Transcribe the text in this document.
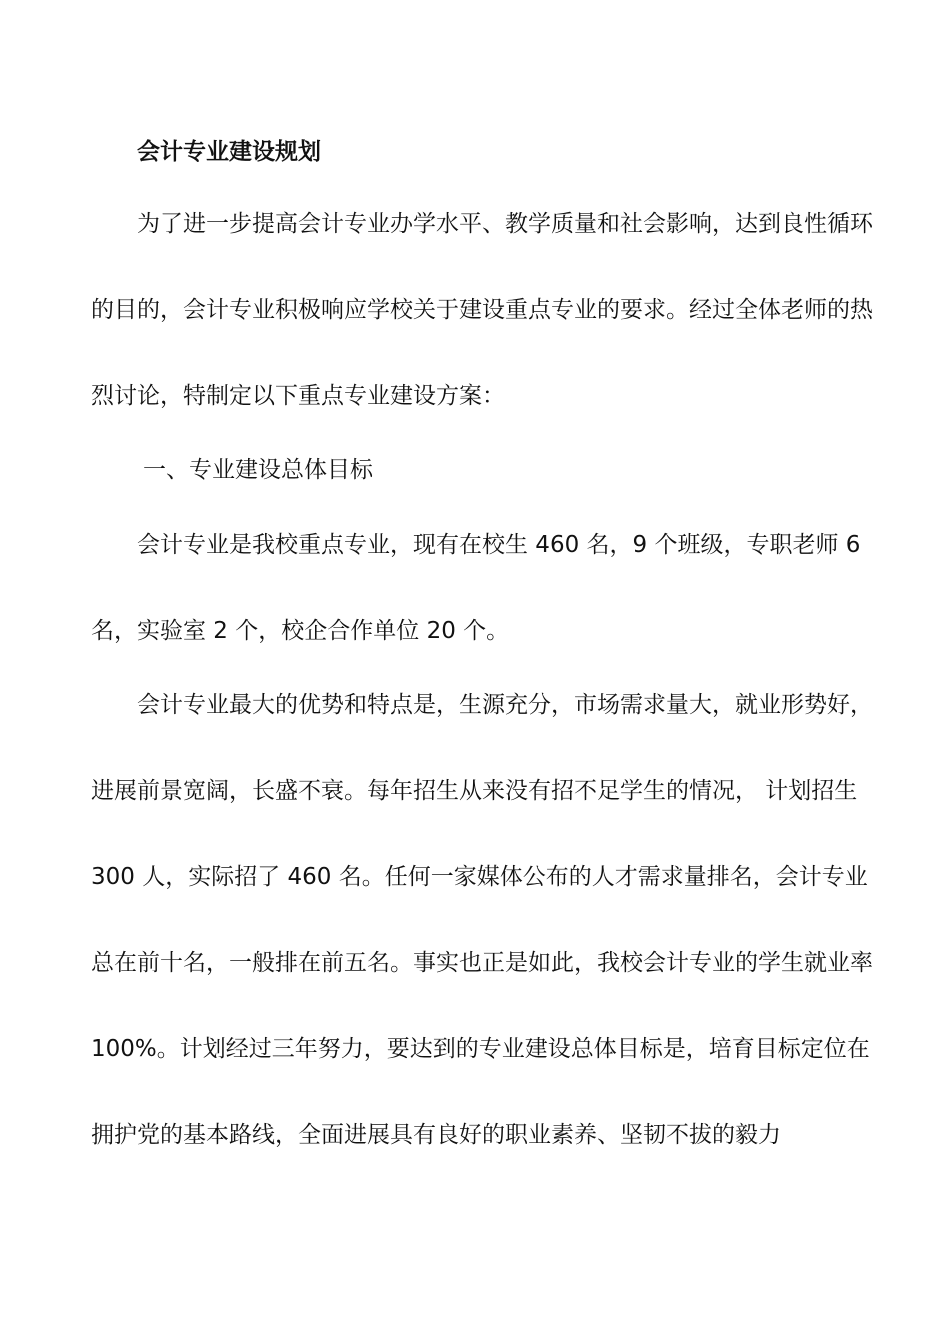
会计专业建设规划

为了进一步提高会计专业办学水平、教学质量和社会影响，达到良性循环的目的，会计专业积极响应学校关于建设重点专业的要求。经过全体老师的热烈讨论，特制定以下重点专业建设方案：

一、专业建设总体目标

会计专业是我校重点专业，现有在校生 460 名，9 个班级，专职老师 6 名，实验室 2 个，校企合作单位 20 个。

会计专业最大的优势和特点是，生源充分，市场需求量大，就业形势好，进展前景宽阔，长盛不衰。每年招生从来没有招不足学生的情况， 计划招生 300 人，实际招了 460 名。任何一家媒体公布的人才需求量排名，会计专业总在前十名，一般排在前五名。事实也正是如此，我校会计专业的学生就业率 100%。计划经过三年努力，要达到的专业建设总体目标是，培育目标定位在拥护党的基本路线，全面进展具有良好的职业素养、坚韧不拔的毅力
